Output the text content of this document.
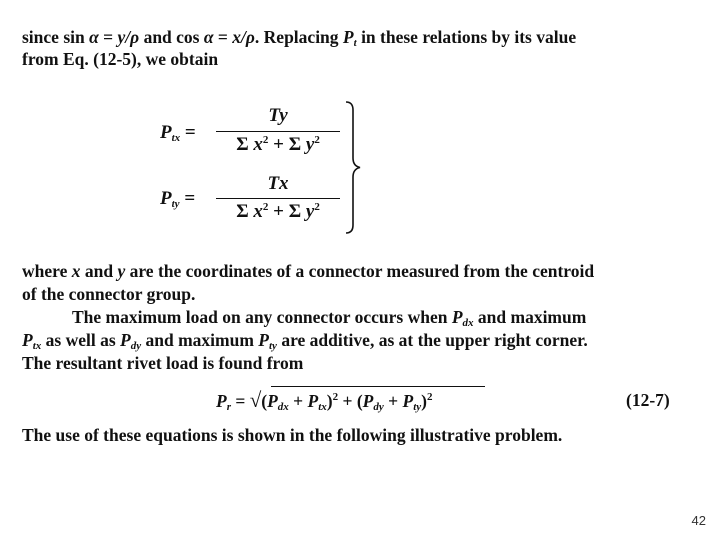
since sin α = y/ρ and cos α = x/ρ. Replacing $P_t$ in these relations by its value
from Eq. (12-5), we obtain
$P_{tx}$ =
Ty
Σ $x^2 + \Sigma$ $y^2$
$P_{ty}$ =
Tx
Σ $x^2 + \Sigma$ $y^2$
where x and y are the coordinates of a connector measured from the centroid
of the connector group.
The maximum load on any connector occurs when $P_{dx}$ and maximum
$P_{tx}$ as well as $P_{dy}$ and maximum $P_{ty}$ are additive, as at the upper right corner.
The resultant rivet load is found from
$P_r = √(P_{dx} + P_{tx})^2 + (P_{dy} + P_{ty})^2$	(12-7)
The use of these equations is shown in the following illustrative problem.
42
